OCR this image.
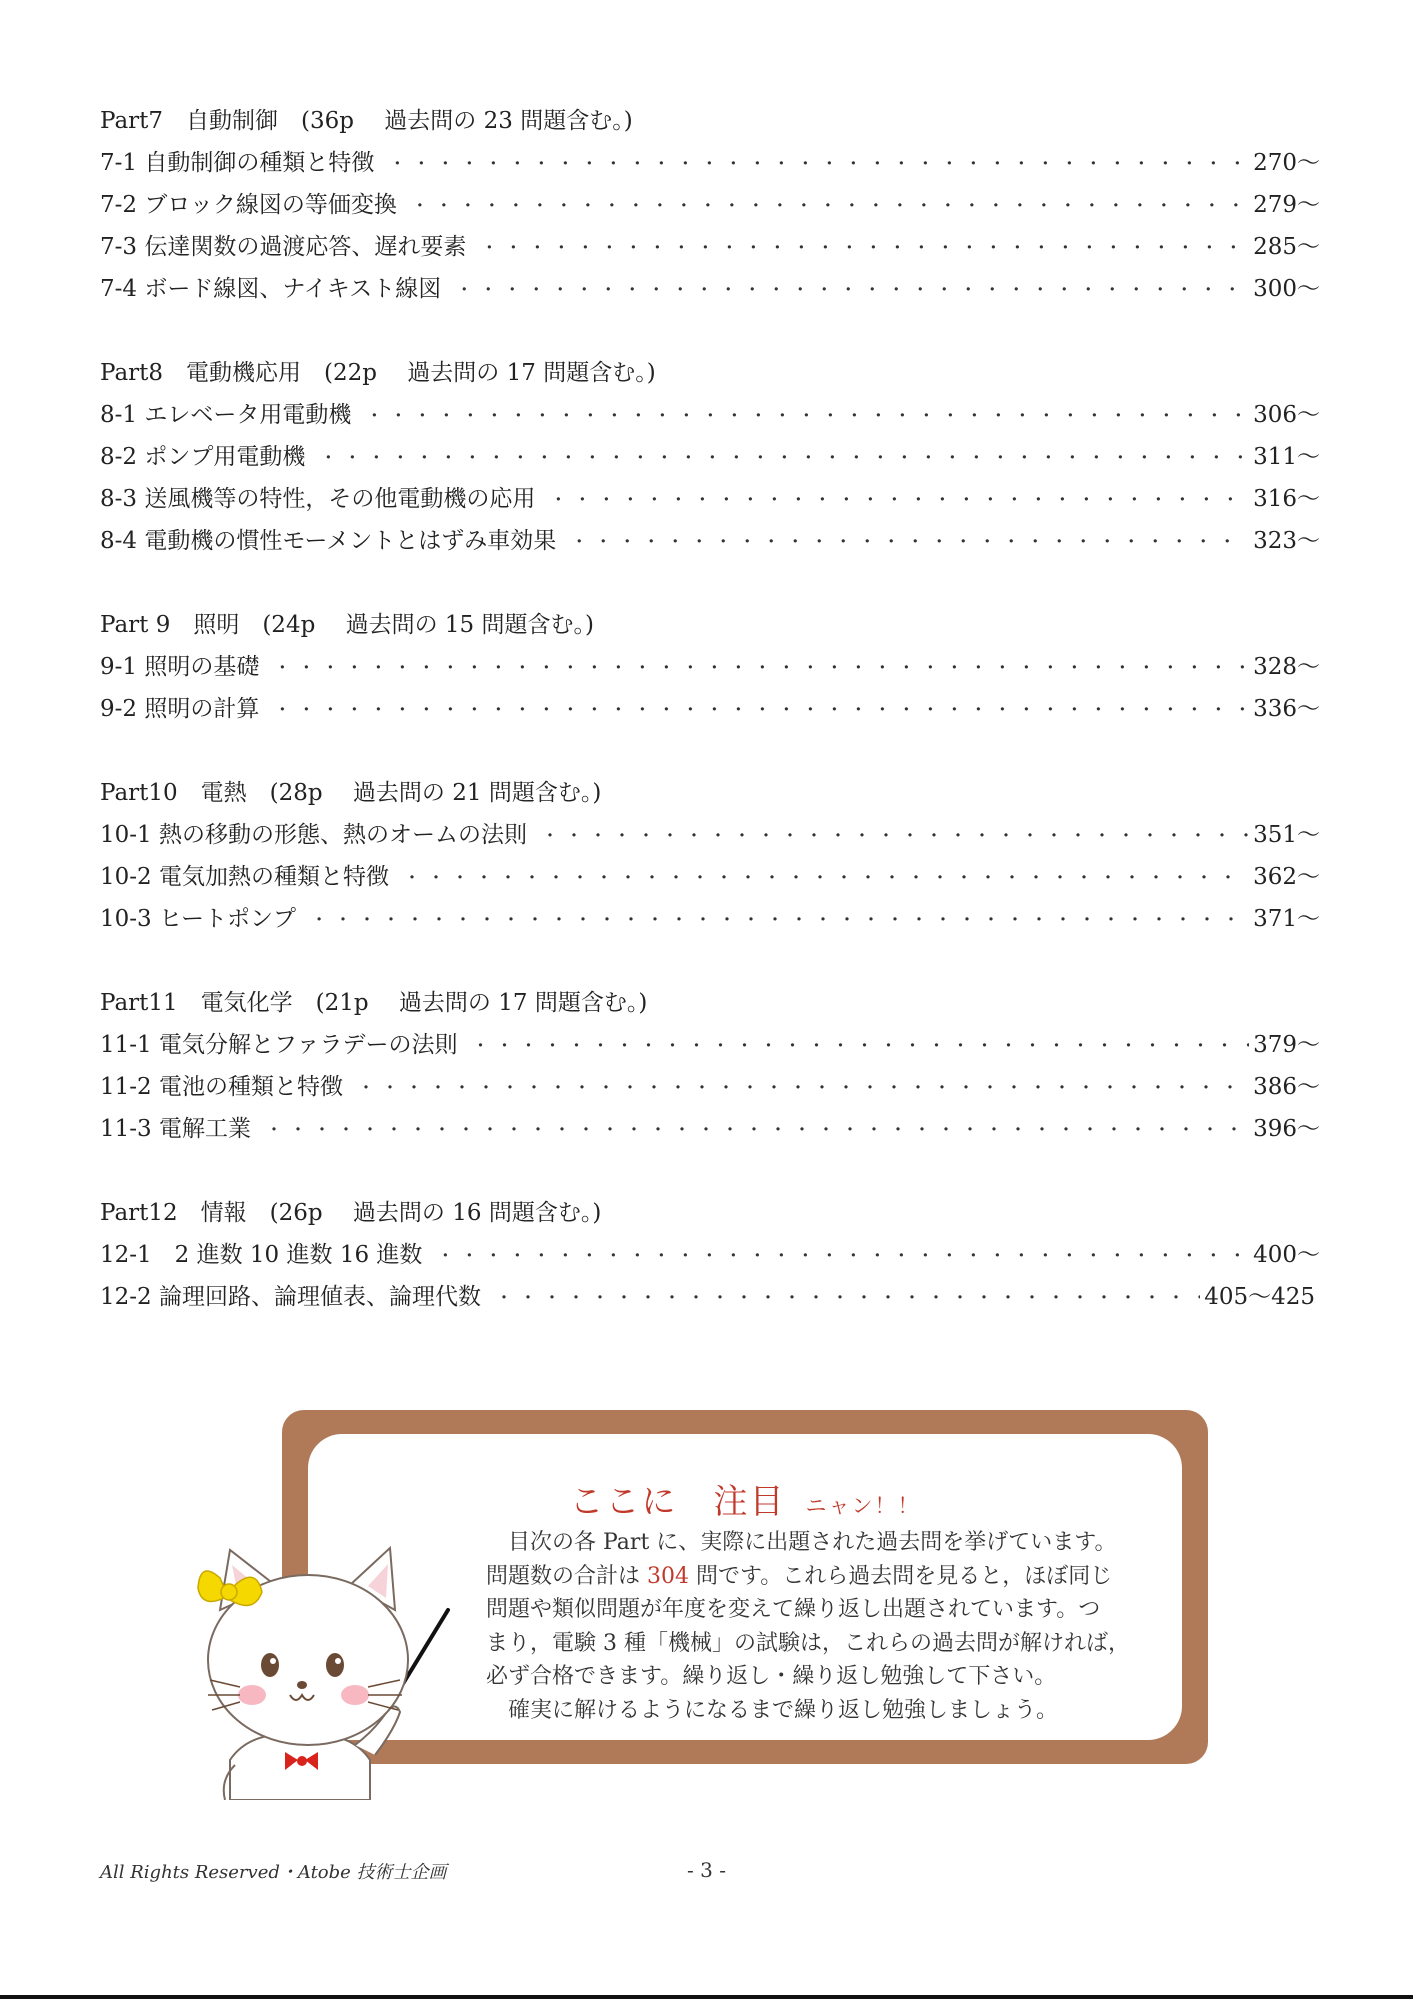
Part7　自動制御　(36p　 過去問の 23 問題含む。)
7-1 自動制御の種類と特徴 ・・・・・・・・・・・・・・・・・・・・・・・・・・・・・・・・・・・・・・・・・・・・・・・・・・・・・・・・・・・・・・・・・・・・・・・・・・・・・・・・	270～
7-2 ブロック線図の等価変換 ・・・・・・・・・・・・・・・・・・・・・・・・・・・・・・・・・・・・・・・・・・・・・・・・・・・・・・・・・・・・・・・・・・・・・・・・・・・・・・・・	279～
7-3 伝達関数の過渡応答、遅れ要素 ・・・・・・・・・・・・・・・・・・・・・・・・・・・・・・・・・・・・・・・・・・・・・・・・・・・・・・・・・・・・・・・・・・・・・・・・・・・・・・・・	285～
7-4 ボード線図、ナイキスト線図 ・・・・・・・・・・・・・・・・・・・・・・・・・・・・・・・・・・・・・・・・・・・・・・・・・・・・・・・・・・・・・・・・・・・・・・・・・・・・・・・・	300～
Part8　電動機応用　(22p　 過去問の 17 問題含む。)
8-1 エレベータ用電動機 ・・・・・・・・・・・・・・・・・・・・・・・・・・・・・・・・・・・・・・・・・・・・・・・・・・・・・・・・・・・・・・・・・・・・・・・・・・・・・・・・	306～
8-2 ポンプ用電動機 ・・・・・・・・・・・・・・・・・・・・・・・・・・・・・・・・・・・・・・・・・・・・・・・・・・・・・・・・・・・・・・・・・・・・・・・・・・・・・・・・	311～
8-3 送風機等の特性，その他電動機の応用 ・・・・・・・・・・・・・・・・・・・・・・・・・・・・・・・・・・・・・・・・・・・・・・・・・・・・・・・・・・・・・・・・・・・・・・・・・・・・・・・・	316～
8-4 電動機の慣性モーメントとはずみ車効果 ・・・・・・・・・・・・・・・・・・・・・・・・・・・・・・・・・・・・・・・・・・・・・・・・・・・・・・・・・・・・・・・・・・・・・・・・・・・・・・・・	323～
Part 9　照明　(24p　 過去問の 15 問題含む。)
9-1 照明の基礎 ・・・・・・・・・・・・・・・・・・・・・・・・・・・・・・・・・・・・・・・・・・・・・・・・・・・・・・・・・・・・・・・・・・・・・・・・・・・・・・・・	328～
9-2 照明の計算 ・・・・・・・・・・・・・・・・・・・・・・・・・・・・・・・・・・・・・・・・・・・・・・・・・・・・・・・・・・・・・・・・・・・・・・・・・・・・・・・・	336～
Part10　電熱　(28p　 過去問の 21 問題含む。)
10-1 熱の移動の形態、熱のオームの法則 ・・・・・・・・・・・・・・・・・・・・・・・・・・・・・・・・・・・・・・・・・・・・・・・・・・・・・・・・・・・・・・・・・・・・・・・・・・・・・・・・	351～
10-2 電気加熱の種類と特徴 ・・・・・・・・・・・・・・・・・・・・・・・・・・・・・・・・・・・・・・・・・・・・・・・・・・・・・・・・・・・・・・・・・・・・・・・・・・・・・・・・	362～
10-3 ヒートポンプ ・・・・・・・・・・・・・・・・・・・・・・・・・・・・・・・・・・・・・・・・・・・・・・・・・・・・・・・・・・・・・・・・・・・・・・・・・・・・・・・・	371～
Part11　電気化学　(21p　 過去問の 17 問題含む。)
11-1 電気分解とファラデーの法則 ・・・・・・・・・・・・・・・・・・・・・・・・・・・・・・・・・・・・・・・・・・・・・・・・・・・・・・・・・・・・・・・・・・・・・・・・・・・・・・・・	379～
11-2 電池の種類と特徴 ・・・・・・・・・・・・・・・・・・・・・・・・・・・・・・・・・・・・・・・・・・・・・・・・・・・・・・・・・・・・・・・・・・・・・・・・・・・・・・・・	386～
11-3 電解工業 ・・・・・・・・・・・・・・・・・・・・・・・・・・・・・・・・・・・・・・・・・・・・・・・・・・・・・・・・・・・・・・・・・・・・・・・・・・・・・・・・	396～
Part12　情報　(26p　 過去問の 16 問題含む。)
12-1　2 進数 10 進数 16 進数 ・・・・・・・・・・・・・・・・・・・・・・・・・・・・・・・・・・・・・・・・・・・・・・・・・・・・・・・・・・・・・・・・・・・・・・・・・・・・・・・・	400～
12-2 論理回路、論理値表、論理代数 ・・・・・・・・・・・・・・・・・・・・・・・・・・・・・・・・・・・・・・・・・・・・・・・・・・・・・・・・・・・・・・・・・・・・・・・・・・・・・・・・	405～425
ここに　注目 ニャン！！

目次の各 Part に、実際に出題された過去問を挙げています。

問題数の合計は 304 問です。これら過去問を見ると，ほぼ同じ

問題や類似問題が年度を変えて繰り返し出題されています。つ

まり，電験 3 種「機械」の試験は，これらの過去問が解ければ，

必ず合格できます。繰り返し・繰り返し勉強して下さい。

確実に解けるようになるまで繰り返し勉強しましょう。

All Rights Reserved・Atobe 技術士企画	- 3 -
